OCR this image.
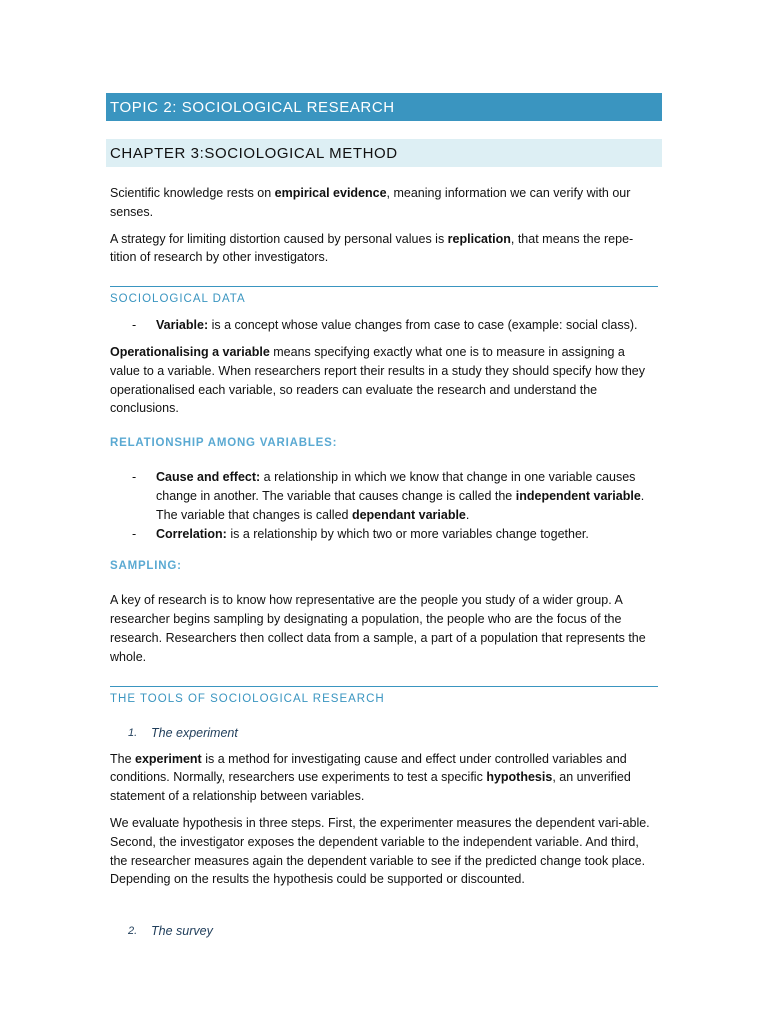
TOPIC 2: SOCIOLOGICAL RESEARCH
CHAPTER 3:SOCIOLOGICAL METHOD

Scientific knowledge rests on empirical evidence, meaning information we can verify with our senses.

A strategy for limiting distortion caused by personal values is replication, that means the repe-tition of research by other investigators.

SOCIOLOGICAL DATA
- Variable: is a concept whose value changes from case to case (example: social class).

Operationalising a variable means specifying exactly what one is to measure in assigning a value to a variable. When researchers report their results in a study they should specify how they operationalised each variable, so readers can evaluate the research and understand the conclusions.

RELATIONSHIP AMONG VARIABLES:
- Cause and effect: a relationship in which we know that change in one variable causes change in another. The variable that causes change is called the independent variable. The variable that changes is called dependant variable.
- Correlation: is a relationship by which two or more variables change together.
SAMPLING:

A key of research is to know how representative are the people you study of a wider group. A researcher begins sampling by designating a population, the people who are the focus of the research. Researchers then collect data from a sample, a part of a population that represents the whole.

THE TOOLS OF SOCIOLOGICAL RESEARCH
1. The experiment

The experiment is a method for investigating cause and effect under controlled variables and conditions. Normally, researchers use experiments to test a specific hypothesis, an unverified statement of a relationship between variables.

We evaluate hypothesis in three steps. First, the experimenter measures the dependent vari-able. Second, the investigator exposes the dependent variable to the independent variable. And third, the researcher measures again the dependent variable to see if the predicted change took place. Depending on the results the hypothesis could be supported or discounted.

2. The survey
